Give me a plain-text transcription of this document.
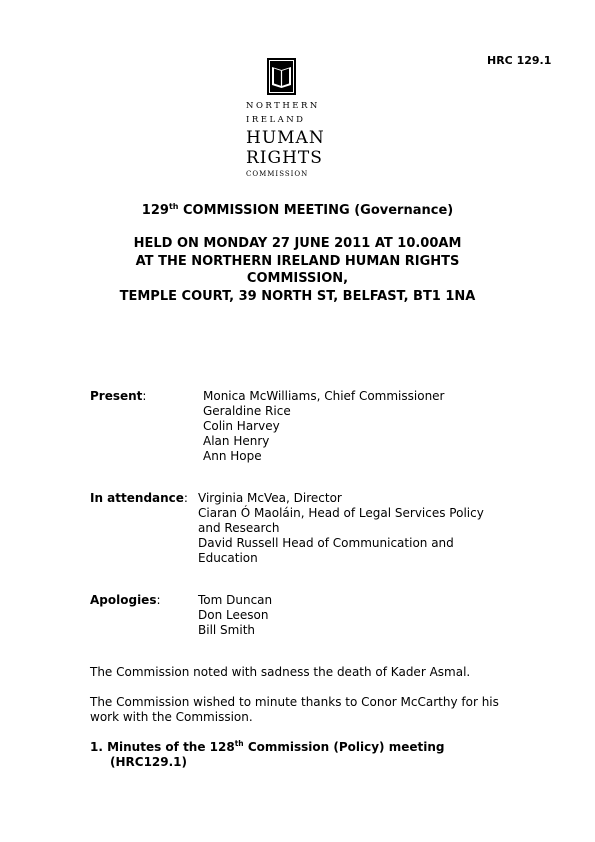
HRC 129.1
NORTHERN
IRELAND
HUMAN
RIGHTS
COMMISSION
129th COMMISSION MEETING (Governance)
HELD ON MONDAY 27 JUNE 2011 AT 10.00AM
AT THE NORTHERN IRELAND HUMAN RIGHTS
COMMISSION,
TEMPLE COURT, 39 NORTH ST, BELFAST, BT1 1NA
Present:	Monica McWilliams, Chief Commissioner
Geraldine Rice
Colin Harvey
Alan Henry
Ann Hope
In attendance: Virginia McVea, Director
Ciaran Ó Maoláin, Head of Legal Services Policy
and Research
David Russell Head of Communication and
Education
Apologies:	Tom Duncan
Don Leeson
Bill Smith
The Commission noted with sadness the death of Kader Asmal.
The Commission wished to minute thanks to Conor McCarthy for his
work with the Commission.
1. Minutes of the 128th Commission (Policy) meeting
(HRC129.1)
